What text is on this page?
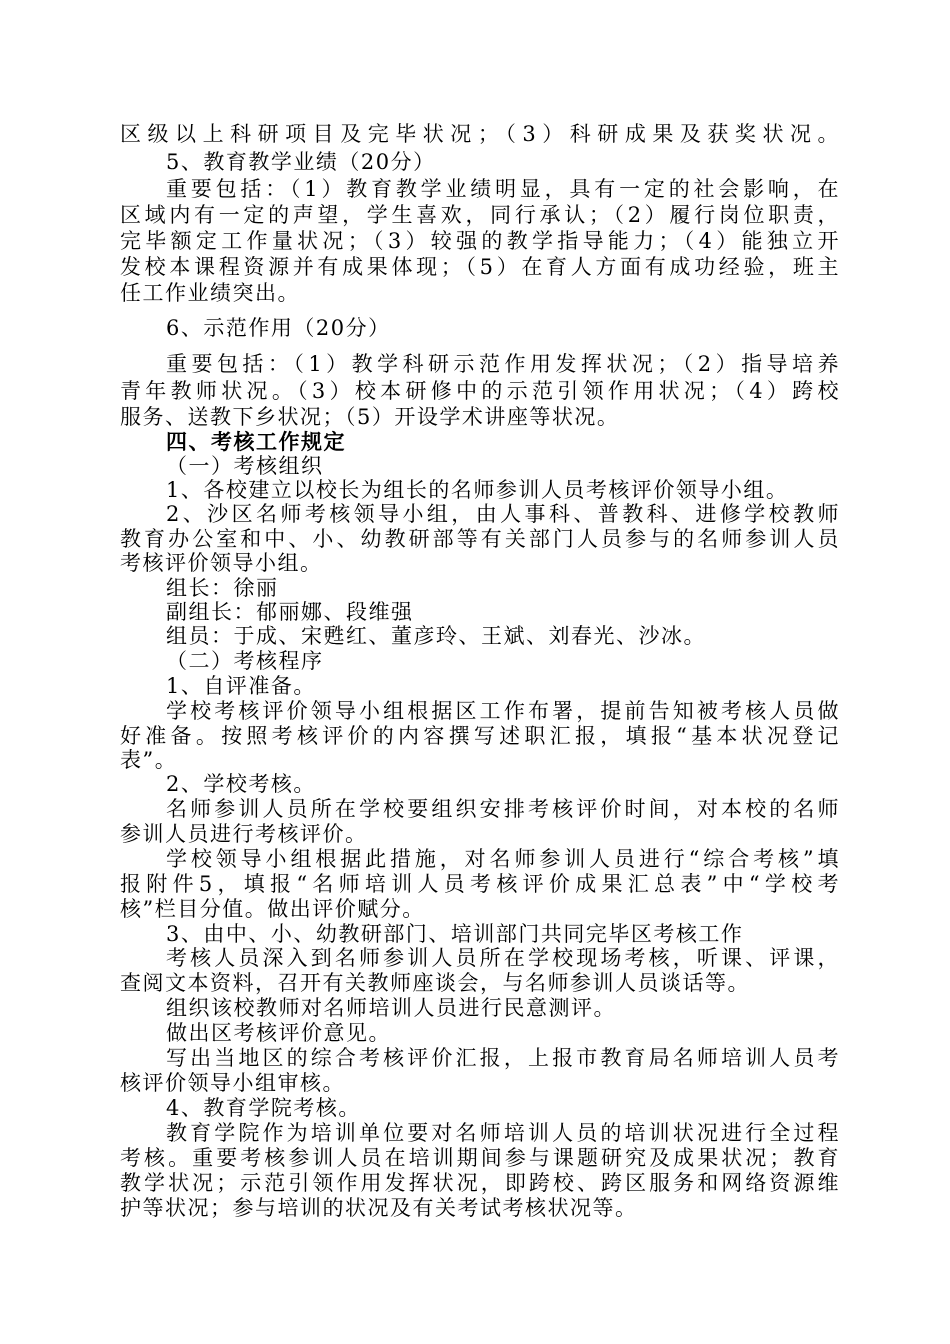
区级以上科研项目及完毕状况；（3）科研成果及获奖状况。
5、教育教学业绩（20分）
重要包括：（1）教育教学业绩明显，具有一定的社会影响，在
区域内有一定的声望，学生喜欢，同行承认；（2）履行岗位职责，
完毕额定工作量状况；（3）较强的教学指导能力；（4）能独立开
发校本课程资源并有成果体现；（5）在育人方面有成功经验，班主
任工作业绩突出。
6、示范作用（20分）
重要包括：（1）教学科研示范作用发挥状况；（2）指导培养
青年教师状况。（3）校本研修中的示范引领作用状况；（4）跨校
服务、送教下乡状况；（5）开设学术讲座等状况。
四、考核工作规定
（一）考核组织
1、各校建立以校长为组长的名师参训人员考核评价领导小组。
2、沙区名师考核领导小组，由人事科、普教科、进修学校教师
教育办公室和中、小、幼教研部等有关部门人员参与的名师参训人员
考核评价领导小组。
组长：徐丽
副组长：郁丽娜、段维强
组员：于成、宋甦红、董彦玲、王斌、刘春光、沙冰。
（二）考核程序
1、自评准备。
学校考核评价领导小组根据区工作布署，提前告知被考核人员做
好准备。按照考核评价的内容撰写述职汇报，填报“基本状况登记
表”。
2、学校考核。
名师参训人员所在学校要组织安排考核评价时间，对本校的名师
参训人员进行考核评价。
学校领导小组根据此措施，对名师参训人员进行“综合考核”填
报附件5，填报“名师培训人员考核评价成果汇总表”中“学校考
核”栏目分值。做出评价赋分。
3、由中、小、幼教研部门、培训部门共同完毕区考核工作
考核人员深入到名师参训人员所在学校现场考核，听课、评课，
查阅文本资料，召开有关教师座谈会，与名师参训人员谈话等。
组织该校教师对名师培训人员进行民意测评。
做出区考核评价意见。
写出当地区的综合考核评价汇报，上报市教育局名师培训人员考
核评价领导小组审核。
4、教育学院考核。
教育学院作为培训单位要对名师培训人员的培训状况进行全过程
考核。重要考核参训人员在培训期间参与课题研究及成果状况；教育
教学状况；示范引领作用发挥状况，即跨校、跨区服务和网络资源维
护等状况；参与培训的状况及有关考试考核状况等。
